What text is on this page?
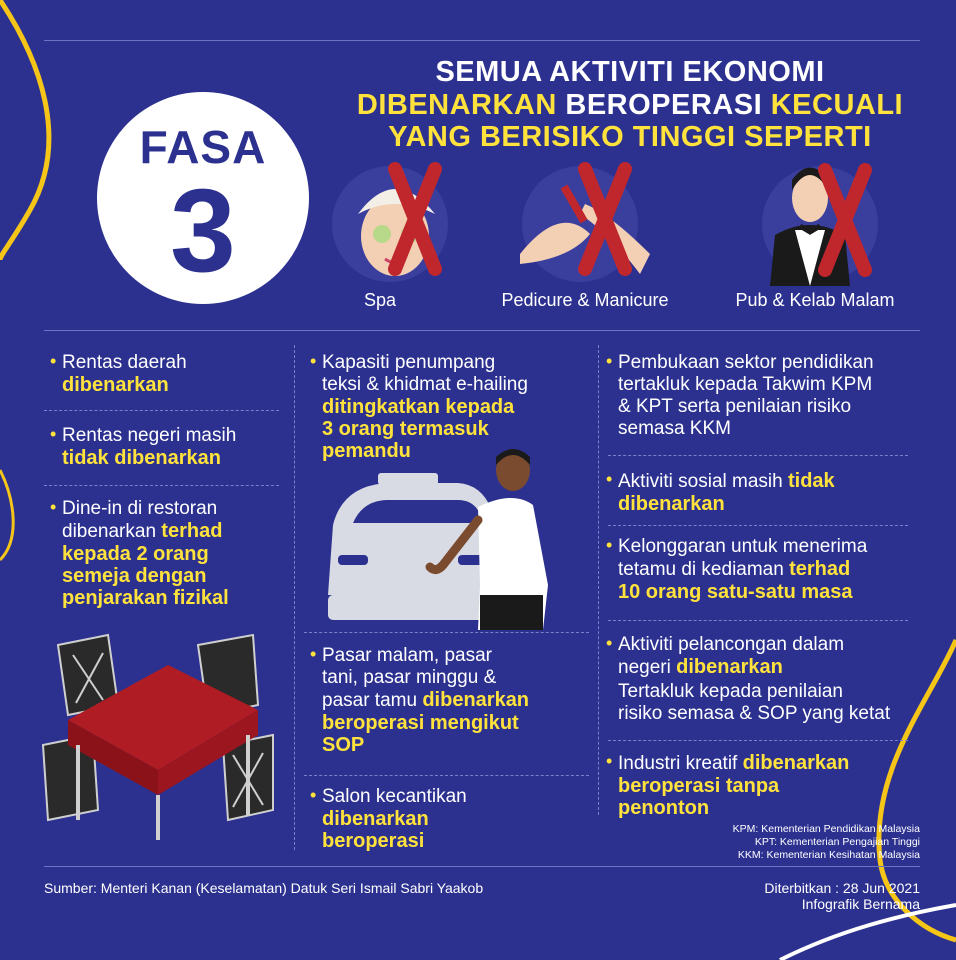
FASA
3
SEMUA AKTIVITI EKONOMI
DIBENARKAN BEROPERASI KECUALI
YANG BERISIKO TINGGI SEPERTI
Spa	Pedicure & Manicure	Pub & Kelab Malam
• Rentas daerah
dibenarkan
• Rentas negeri masih
tidak dibenarkan
• Dine-in di restoran
dibenarkan terhad
kepada 2 orang
semeja dengan
penjarakan fizikal
• Kapasiti penumpang
teksi & khidmat e-hailing
ditingkatkan kepada
3 orang termasuk
pemandu
• Pasar malam, pasar
tani, pasar minggu &
pasar tamu dibenarkan
beroperasi mengikut
SOP
• Salon kecantikan
dibenarkan
beroperasi
• Pembukaan sektor pendidikan
tertakluk kepada Takwim KPM
& KPT serta penilaian risiko
semasa KKM
• Aktiviti sosial masih tidak
dibenarkan
• Kelonggaran untuk menerima
tetamu di kediaman terhad
10 orang satu-satu masa
• Aktiviti pelancongan dalam
negeri dibenarkan
Tertakluk kepada penilaian
risiko semasa & SOP yang ketat
• Industri kreatif dibenarkan
beroperasi tanpa
penonton
KPM: Kementerian Pendidikan Malaysia
KPT: Kementerian Pengajian Tinggi
KKM: Kementerian Kesihatan Malaysia
Sumber: Menteri Kanan (Keselamatan) Datuk Seri Ismail Sabri Yaakob	Diterbitkan : 28 Jun 2021
Infografik Bernama
